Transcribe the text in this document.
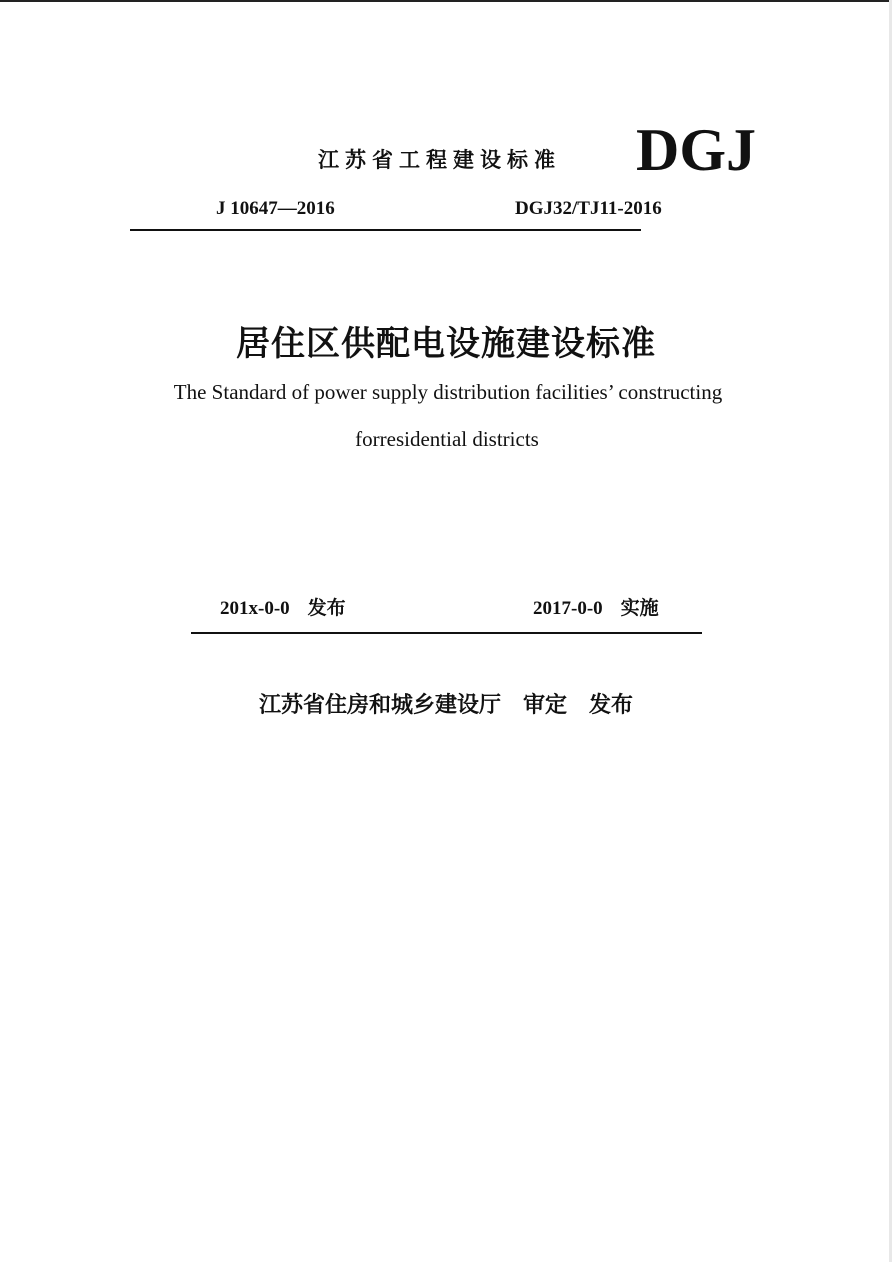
江苏省工程建设标准 DGJ
J 10647—2016	DGJ32/TJ11-2016
居住区供配电设施建设标准
The Standard of power supply distribution facilities’ constructing
forresidential districts
201x-0-0 发布	2017-0-0 实施
江苏省住房和城乡建设厅　审定　发布
